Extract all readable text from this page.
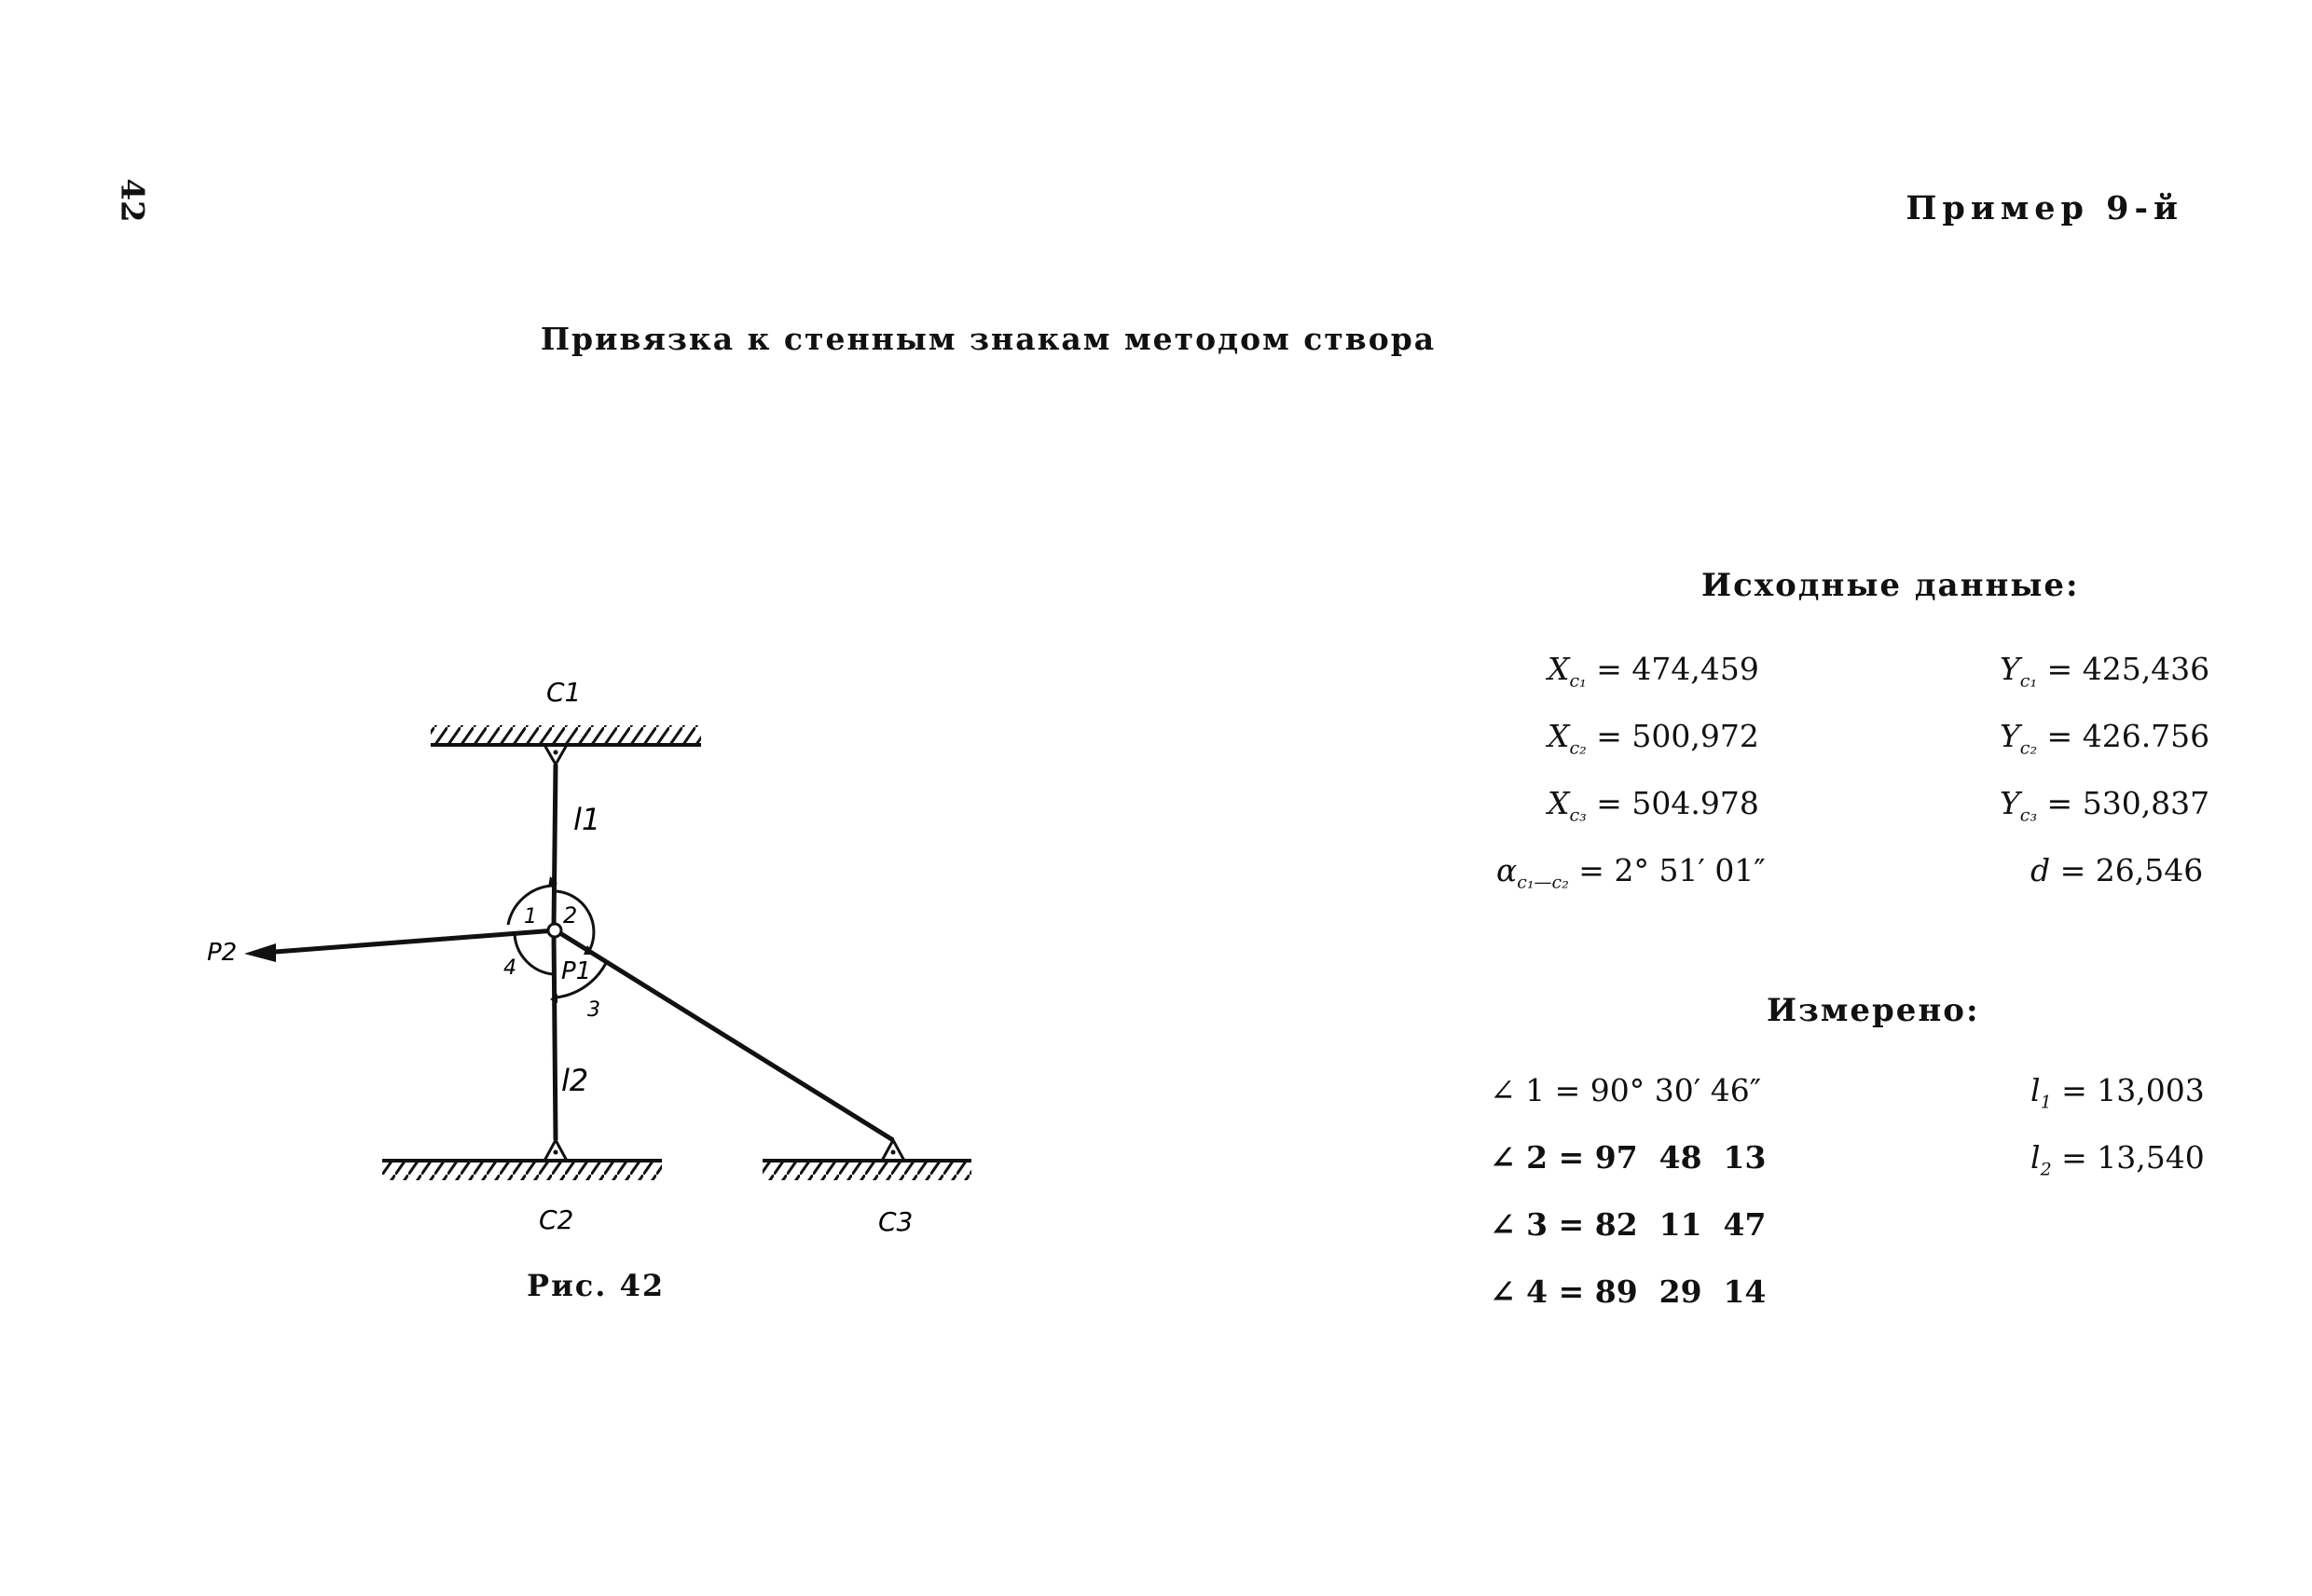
42	Пример 9-й
Привязка к стенным знакам методом створа
C1
l1
1 2
4 P1
3
P2
l2
C2	C3
Рис. 42
Исходные данные:
$X_{c_1} = 474,459$	$Y_{c_1} = 425,436$
$X_{c_2} = 500,972$	$Y_{c_2} = 426.756$
$X_{c_3} = 504.978$	$Y_{c_3} = 530,837$
$\alpha_{c_1—c_2} = 2^\circ$ 51′ 01″	d = 26,546
Измерено:
∠ 1 = 90° 30′ 46″	$l_1 = 13,003$
∠ 2 = 97  48  13	$l_2 = 13,540$
∠ 3 = 82  11  47
∠ 4 = 89  29  14
